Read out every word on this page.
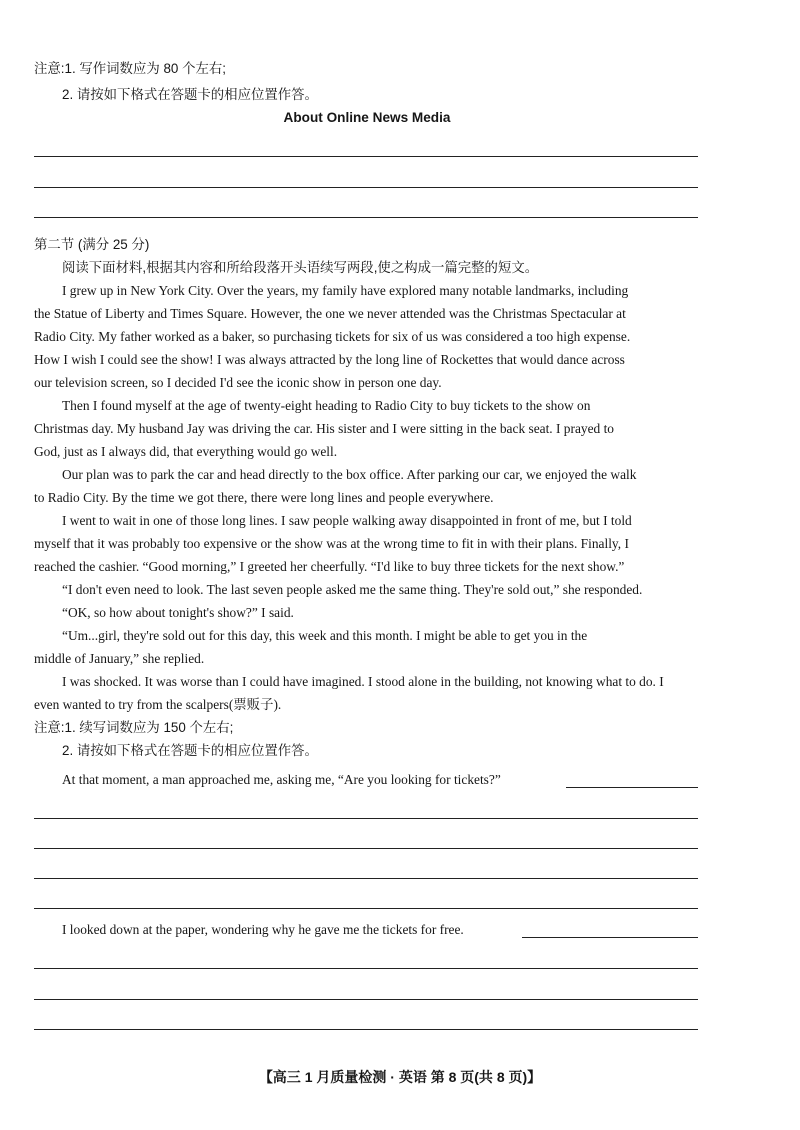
注意:1. 写作词数应为 80 个左右;
2. 请按如下格式在答题卡的相应位置作答。
About Online News Media
第二节 (满分 25 分)
阅读下面材料,根据其内容和所给段落开头语续写两段,使之构成一篇完整的短文。
I grew up in New York City. Over the years, my family have explored many notable landmarks, including
the Statue of Liberty and Times Square. However, the one we never attended was the Christmas Spectacular at
Radio City. My father worked as a baker, so purchasing tickets for six of us was considered a too high expense.
How I wish I could see the show! I was always attracted by the long line of Rockettes that would dance across
our television screen, so I decided I'd see the iconic show in person one day.
Then I found myself at the age of twenty-eight heading to Radio City to buy tickets to the show on
Christmas day. My husband Jay was driving the car. His sister and I were sitting in the back seat. I prayed to
God, just as I always did, that everything would go well.
Our plan was to park the car and head directly to the box office. After parking our car, we enjoyed the walk
to Radio City. By the time we got there, there were long lines and people everywhere.
I went to wait in one of those long lines. I saw people walking away disappointed in front of me, but I told
myself that it was probably too expensive or the show was at the wrong time to fit in with their plans. Finally, I
reached the cashier. “Good morning,” I greeted her cheerfully. “I'd like to buy three tickets for the next show.”
“I don't even need to look. The last seven people asked me the same thing. They're sold out,” she responded.
“OK, so how about tonight's show?” I said.
“Um...girl, they're sold out for this day, this week and this month. I might be able to get you in the
middle of January,” she replied.
I was shocked. It was worse than I could have imagined. I stood alone in the building, not knowing what to do. I
even wanted to try from the scalpers(票贩子).
注意:1. 续写词数应为 150 个左右;
2. 请按如下格式在答题卡的相应位置作答。
At that moment, a man approached me, asking me, “Are you looking for tickets?”
I looked down at the paper, wondering why he gave me the tickets for free.
【高三 1 月质量检测 · 英语 第 8 页(共 8 页)】
